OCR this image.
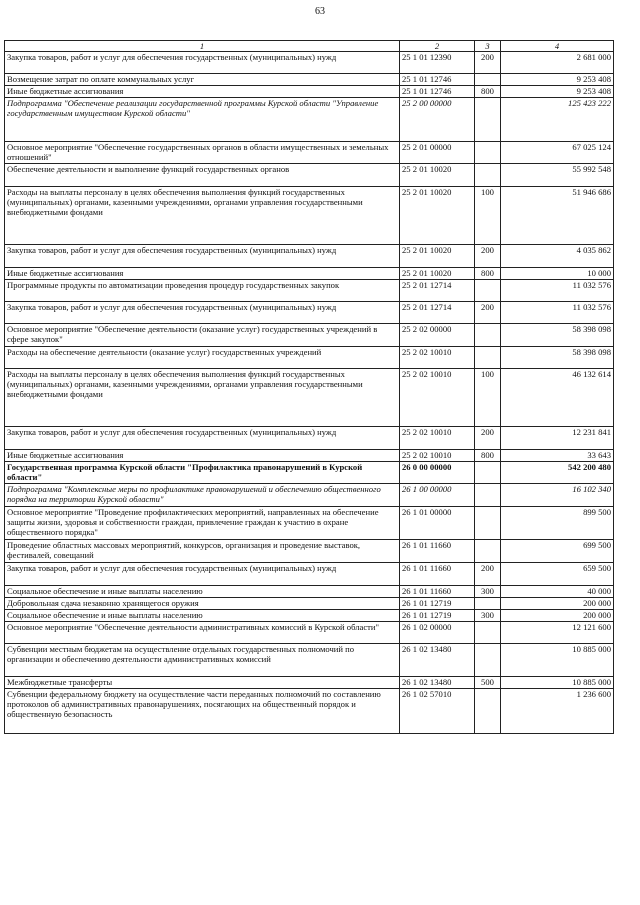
63
1	2	3	4
Закупка товаров, работ и услуг для обеспечения государственных (муниципальных) нужд	25 1 01 12390	200	2 681 000
Возмещение затрат по оплате коммунальных услуг	25 1 01 12746		9 253 408
Иные бюджетные ассигнования	25 1 01 12746	800	9 253 408
Подпрограмма "Обеспечение реализации государственной программы Курской области "Управление государственным имуществом Курской области"	25 2 00 00000		125 423 222
Основное мероприятие "Обеспечение государственных органов в области имущественных и земельных отношений"	25 2 01 00000		67 025 124
Обеспечение деятельности и выполнение функций государственных органов	25 2 01 10020		55 992 548
Расходы на выплаты персоналу в целях обеспечения выполнения функций государственных (муниципальных) органами, казенными учреждениями, органами управления государственными внебюджетными фондами	25 2 01 10020	100	51 946 686
Закупка товаров, работ и услуг для обеспечения государственных (муниципальных) нужд	25 2 01 10020	200	4 035 862
Иные бюджетные ассигнования	25 2 01 10020	800	10 000
Программные продукты по автоматизации проведения процедур государственных закупок	25 2 01 12714		11 032 576
Закупка товаров, работ и услуг для обеспечения государственных (муниципальных) нужд	25 2 01 12714	200	11 032 576
Основное мероприятие "Обеспечение деятельности (оказание услуг) государственных учреждений в сфере закупок"	25 2 02 00000		58 398 098
Расходы на обеспечение деятельности (оказание услуг) государственных учреждений	25 2 02 10010		58 398 098
Расходы на выплаты персоналу в целях обеспечения выполнения функций государственных (муниципальных) органами, казенными учреждениями, органами управления государственными внебюджетными фондами	25 2 02 10010	100	46 132 614
Закупка товаров, работ и услуг для обеспечения государственных (муниципальных) нужд	25 2 02 10010	200	12 231 841
Иные бюджетные ассигнования	25 2 02 10010	800	33 643
Государственная программа Курской области "Профилактика правонарушений в Курской области"	26 0 00 00000		542 200 480
Подпрограмма "Комплексные меры по профилактике правонарушений и обеспечению общественного порядка на территории Курской области"	26 1 00 00000		16 102 340
Основное мероприятие "Проведение профилактических мероприятий, направленных на обеспечение защиты жизни, здоровья и собственности граждан, привлечение граждан к участию в охране общественного порядка"	26 1 01 00000		899 500
Проведение областных массовых мероприятий, конкурсов, организация и проведение выставок, фестивалей, совещаний	26 1 01 11660		699 500
Закупка товаров, работ и услуг для обеспечения государственных (муниципальных) нужд	26 1 01 11660	200	659 500
Социальное обеспечение и иные выплаты населению	26 1 01 11660	300	40 000
Добровольная сдача незаконно хранящегося оружия	26 1 01 12719		200 000
Социальное обеспечение и иные выплаты населению	26 1 01 12719	300	200 000
Основное мероприятие "Обеспечение деятельности административных комиссий в Курской области"	26 1 02 00000		12 121 600
Субвенции местным бюджетам на осуществление отдельных государственных полномочий по организации и обеспечению деятельности административных комиссий	26 1 02 13480		10 885 000
Межбюджетные трансферты	26 1 02 13480	500	10 885 000
Субвенции федеральному бюджету на осуществление части переданных полномочий по составлению протоколов об административных правонарушениях, посягающих на общественный порядок и общественную безопасность	26 1 02 57010		1 236 600
